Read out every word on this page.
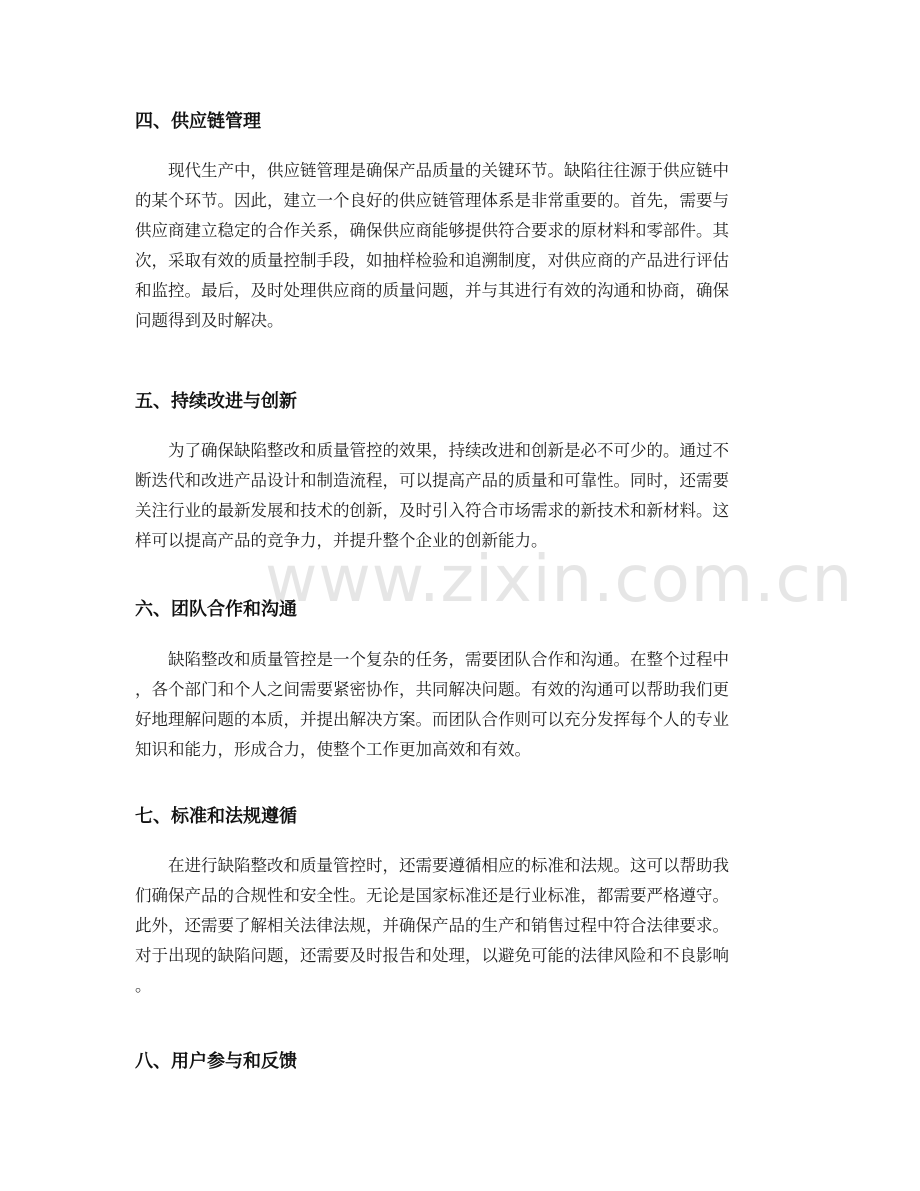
四、供应链管理
　　现代生产中，供应链管理是确保产品质量的关键环节。缺陷往往源于供应链中
的某个环节。因此，建立一个良好的供应链管理体系是非常重要的。首先，需要与
供应商建立稳定的合作关系，确保供应商能够提供符合要求的原材料和零部件。其
次，采取有效的质量控制手段，如抽样检验和追溯制度，对供应商的产品进行评估
和监控。最后，及时处理供应商的质量问题，并与其进行有效的沟通和协商，确保
问题得到及时解决。
五、持续改进与创新
　　为了确保缺陷整改和质量管控的效果，持续改进和创新是必不可少的。通过不
断迭代和改进产品设计和制造流程，可以提高产品的质量和可靠性。同时，还需要
关注行业的最新发展和技术的创新，及时引入符合市场需求的新技术和新材料。这
样可以提高产品的竞争力，并提升整个企业的创新能力。
六、团队合作和沟通
　　缺陷整改和质量管控是一个复杂的任务，需要团队合作和沟通。在整个过程中
，各个部门和个人之间需要紧密协作，共同解决问题。有效的沟通可以帮助我们更
好地理解问题的本质，并提出解决方案。而团队合作则可以充分发挥每个人的专业
知识和能力，形成合力，使整个工作更加高效和有效。
七、标准和法规遵循
　　在进行缺陷整改和质量管控时，还需要遵循相应的标准和法规。这可以帮助我
们确保产品的合规性和安全性。无论是国家标准还是行业标准，都需要严格遵守。
此外，还需要了解相关法律法规，并确保产品的生产和销售过程中符合法律要求。
对于出现的缺陷问题，还需要及时报告和处理，以避免可能的法律风险和不良影响
。
八、用户参与和反馈
www.zixin.com.cn
